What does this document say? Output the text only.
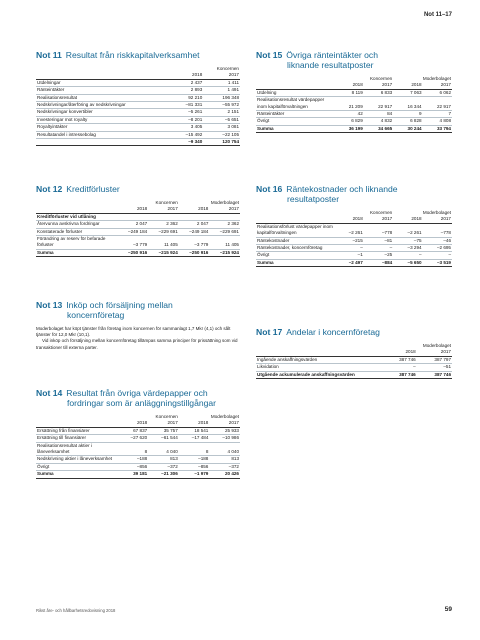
Not 11–17
Not 11 Resultat från riskkapitalverksamhet
	Koncernen	
	2018	2017
Utdelningar	2 437	1 411
Ränteintäkter	2 893	1 491
Realisationsresultat	92 210	196 348
Nedskrivningar/återföring av nedskrivningar	–81 331	–55 972
Nedskrivningar konvertibler	–5 261	2 151
Investeringar mot royalty	–8 201	–5 651
Royaltyintäkter	3 405	3 081
Resultatandel i intressebolag	–15 492	–22 105
	–9 340	120 754
Not 15 Övriga ränteintäkter och
liknande resultatposter
	Koncernen		Moderbolaget	
	2018	2017	2018	2017
Utdelning	8 119	6 833	7 063	6 062
Realisationsresultat värdepapper inom kapitalförvaltningen	21 209	22 917	16 344	22 917
Ränteintäkter	42	84	9	7
Övrigt	6 829	4 832	6 828	4 808
Summa	36 199	34 665	30 244	33 794
Not 12 Kreditförluster
	Koncernen		Moderbolaget	
	2018	2017	2018	2017
Kreditförluster vid utlåning				
Återvunna avskrivna fordringar	2 047	2 362	2 047	2 362
Konstaterade förluster	–249 184	–229 691	–249 184	–229 691
Förändring av reserv för befarade förluster	–3 779	11 405	–3 779	11 405
Summa	–250 916	–215 924	–250 916	–215 924
Not 16 Räntekostnader och liknande
resultatposter
	Koncernen		Moderbolaget	
	2018	2017	2018	2017
Realisationsförlust värdepapper inom kapitalförvaltningen	–2 261	–778	–2 261	–778
Räntekostnader	–215	–81	–75	–46
Räntekostnader, koncernföretag	–	–	–3 294	–2 695
Övrigt	–1	–25	–	–
Summa	–2 497	–884	–5 650	–3 519
Not 13 Inköp och försäljning mellan
koncernföretag

Moderbolaget har köpt tjänster från företag inom koncernen för sammanlagt 1,7 Mkr (4,1) och sålt tjänster för 12,0 Mkr (10,1).

Vid inköp och försäljning mellan koncernföretag tillämpas samma principer för prissättning som vid transaktioner till externa parter.

Not 17 Andelar i koncernföretag
	Moderbolaget	
	2018	2017
Ingående anskaffningsvärden	387 746	387 797
Likvidation	–	–51
Utgående ackumulerade anskaffningsvärden	387 746	387 746
Not 14 Resultat från övriga värdepapper och
fordringar som är anläggningstillgångar
	Koncernen		Moderbolaget	
	2018	2017	2018	2017
Ersättning från finansiärer	67 837	35 757	18 541	25 933
Ersättning till finansiärer	–27 620	–61 544	–17 484	–10 986
Realisationsresultat aktier i låneverksamhet	8	4 040	8	4 040
Nedskrivning aktier i låneverksamhet	–188	813	–188	813
Övrigt	–856	–372	–856	–372
Summa	39 181	–21 306	–1 979	20 426
Rikst åre- och hållbarhetsredovisning 2018	59
